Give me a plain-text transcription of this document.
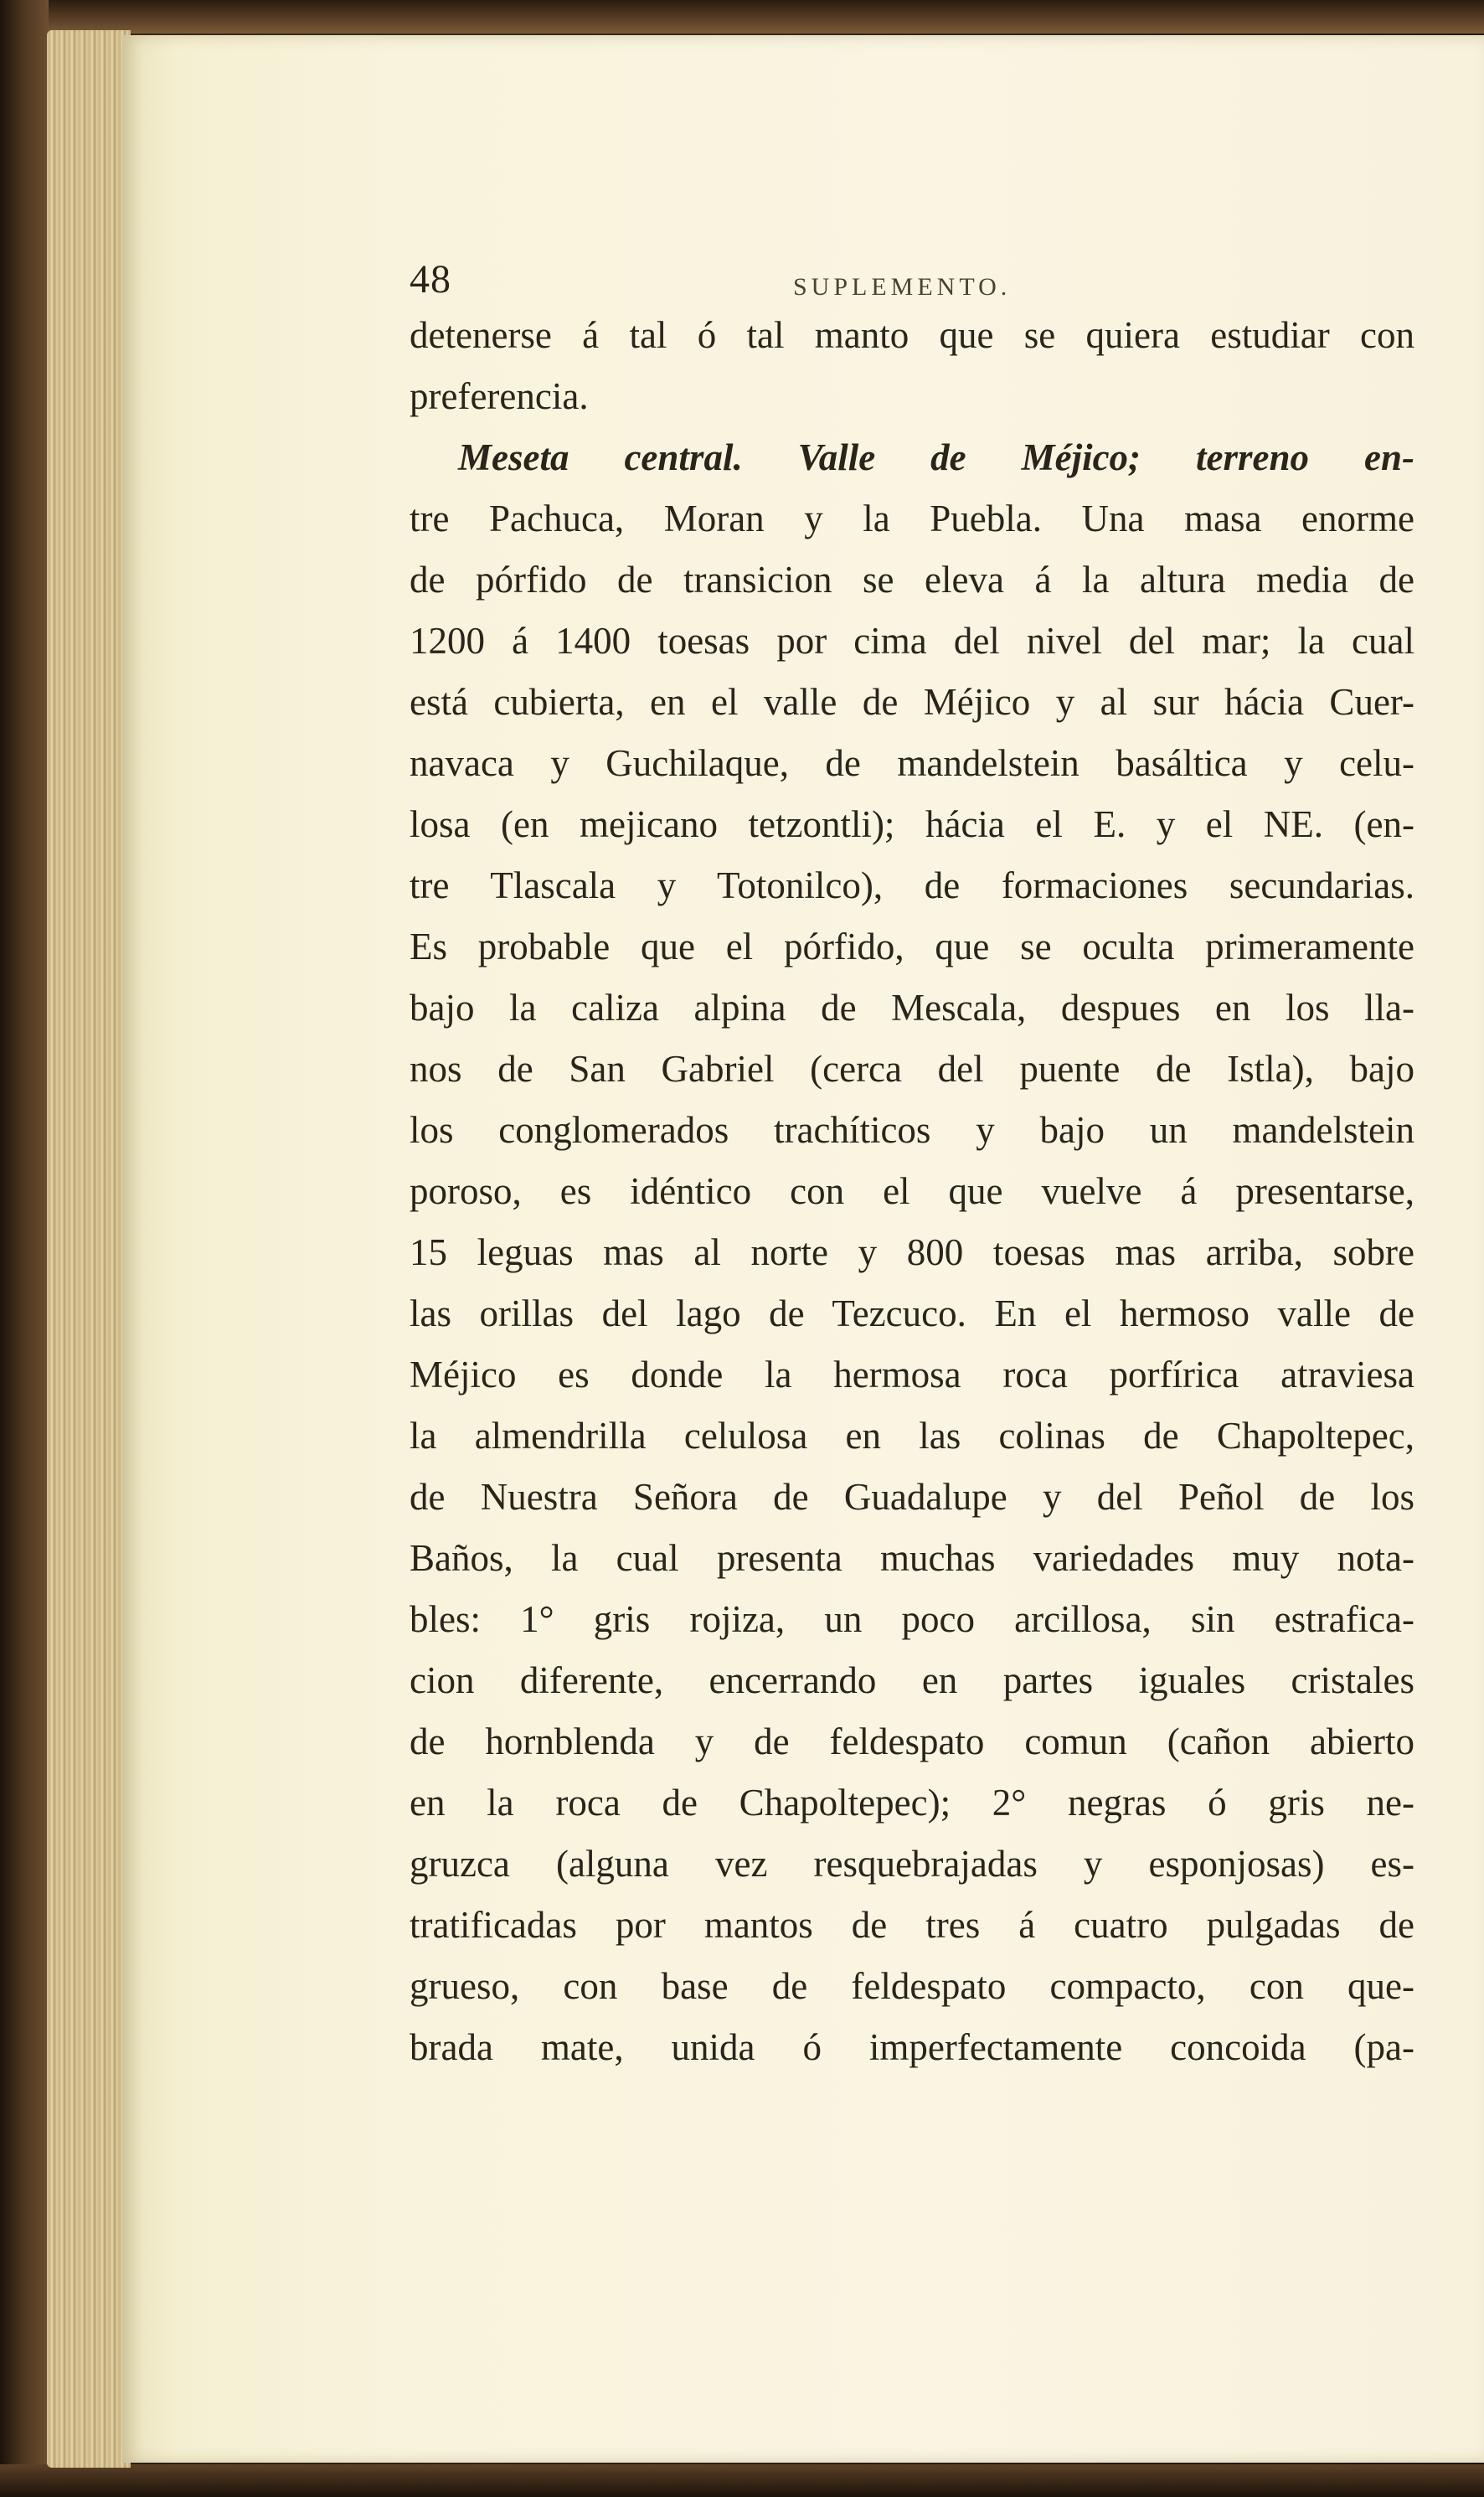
48	SUPLEMENTO.
detenerse á tal ó tal manto que se quiera estudiar con
preferencia.
Meseta central. Valle de Méjico; terreno en-
tre Pachuca, Moran y la Puebla. Una masa enorme
de pórfido de transicion se eleva á la altura media de
1200 á 1400 toesas por cima del nivel del mar; la cual
está cubierta, en el valle de Méjico y al sur hácia Cuer-
navaca y Guchilaque, de mandelstein basáltica y celu-
losa (en mejicano tetzontli); hácia el E. y el NE. (en-
tre Tlascala y Totonilco), de formaciones secundarias.
Es probable que el pórfido, que se oculta primeramente
bajo la caliza alpina de Mescala, despues en los lla-
nos de San Gabriel (cerca del puente de Istla), bajo
los conglomerados trachíticos y bajo un mandelstein
poroso, es idéntico con el que vuelve á presentarse,
15 leguas mas al norte y 800 toesas mas arriba, sobre
las orillas del lago de Tezcuco. En el hermoso valle de
Méjico es donde la hermosa roca porfírica atraviesa
la almendrilla celulosa en las colinas de Chapoltepec,
de Nuestra Señora de Guadalupe y del Peñol de los
Baños, la cual presenta muchas variedades muy nota-
bles: 1° gris rojiza, un poco arcillosa, sin estrafica-
cion diferente, encerrando en partes iguales cristales
de hornblenda y de feldespato comun (cañon abierto
en la roca de Chapoltepec); 2° negras ó gris ne-
gruzca (alguna vez resquebrajadas y esponjosas) es-
tratificadas por mantos de tres á cuatro pulgadas de
grueso, con base de feldespato compacto, con que-
brada mate, unida ó imperfectamente concoida (pa-
